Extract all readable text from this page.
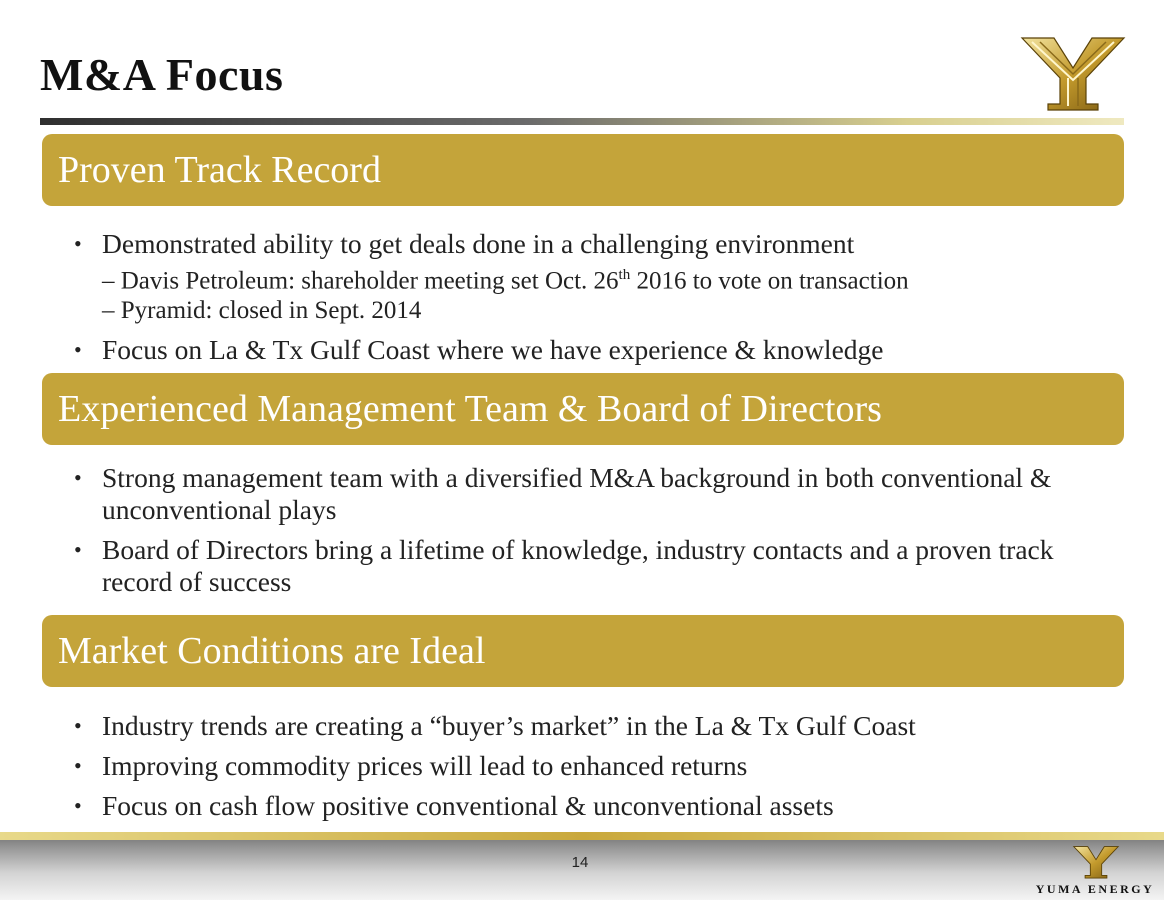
M&A Focus
Proven Track Record
• Demonstrated ability to get deals done in a challenging environment
– Davis Petroleum: shareholder meeting set Oct. 26th 2016 to vote on transaction
– Pyramid: closed in Sept. 2014
• Focus on La & Tx Gulf Coast where we have experience & knowledge
Experienced Management Team & Board of Directors
• Strong management team with a diversified M&A background in both conventional & unconventional plays
• Board of Directors bring a lifetime of knowledge, industry contacts and a proven track record of success
Market Conditions are Ideal
• Industry trends are creating a “buyer’s market” in the La & Tx Gulf Coast
• Improving commodity prices will lead to enhanced returns
• Focus on cash flow positive conventional & unconventional assets
14
YUMA ENERGY
